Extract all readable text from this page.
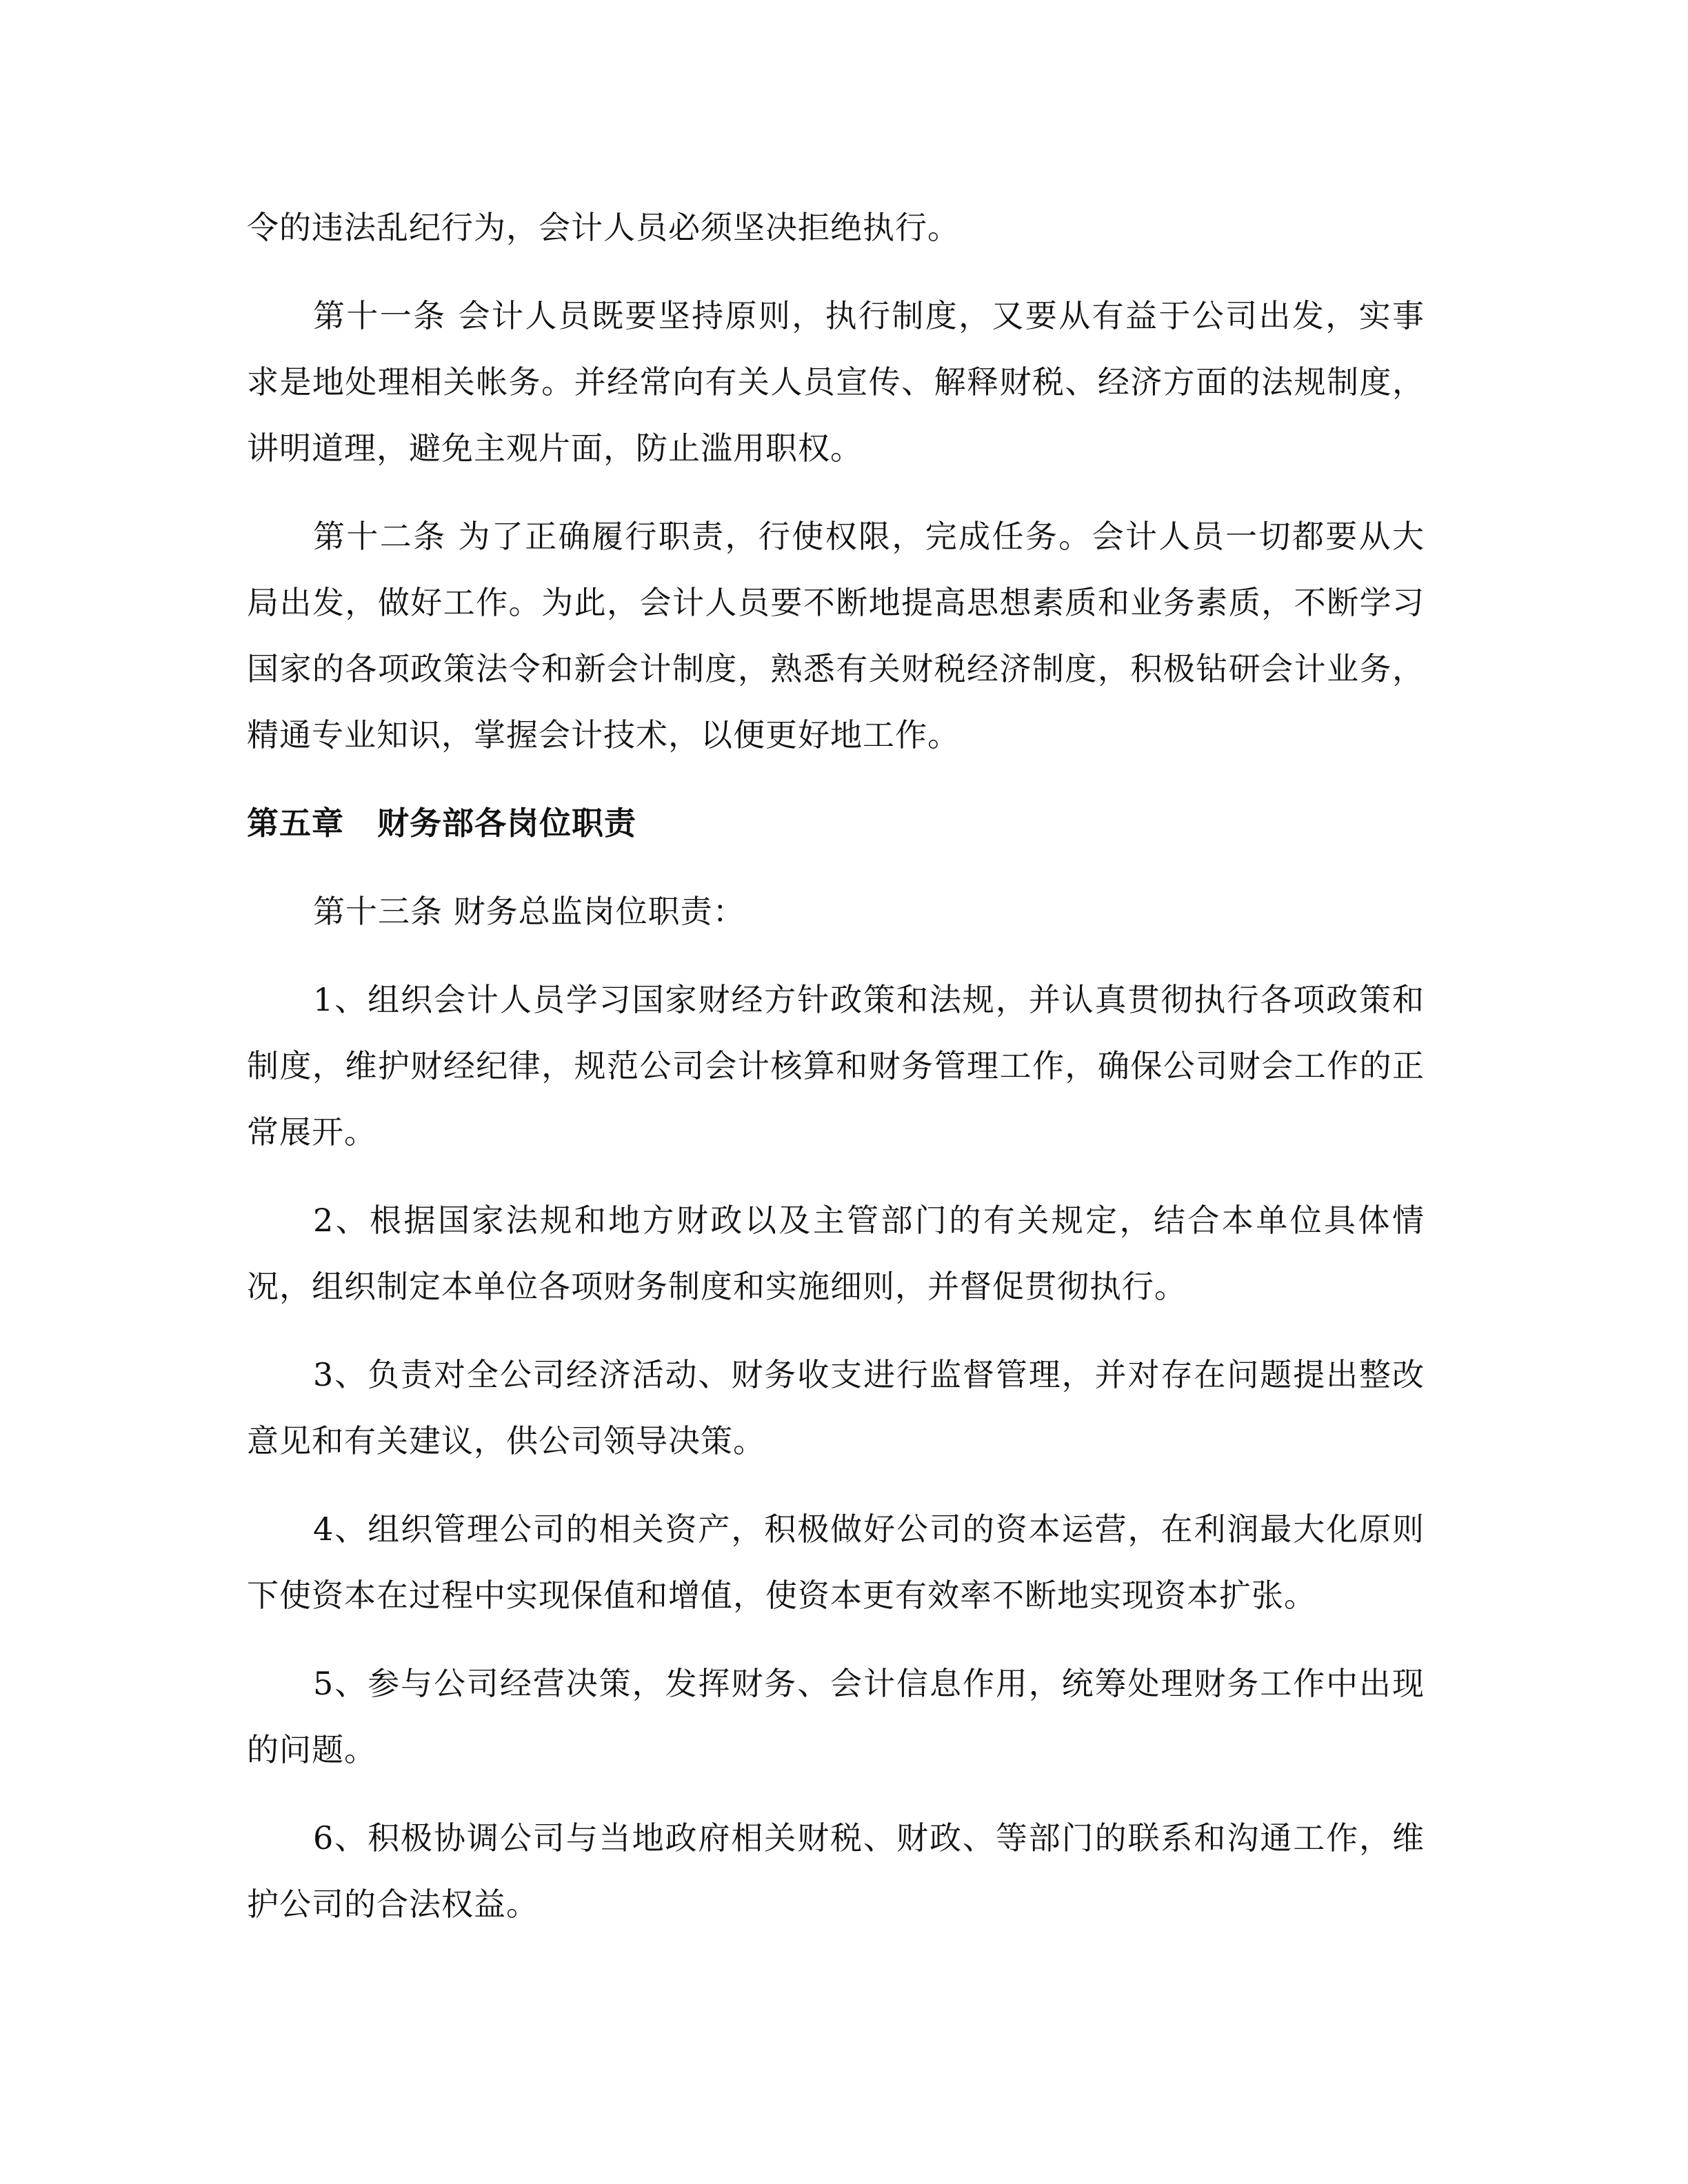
令的违法乱纪行为，会计人员必须坚决拒绝执行。

第十一条 会计人员既要坚持原则，执行制度，又要从有益于公司出发，实事求是地处理相关帐务。并经常向有关人员宣传、解释财税、经济方面的法规制度，讲明道理，避免主观片面，防止滥用职权。

第十二条 为了正确履行职责，行使权限，完成任务。会计人员一切都要从大局出发，做好工作。为此，会计人员要不断地提高思想素质和业务素质，不断学习国家的各项政策法令和新会计制度，熟悉有关财税经济制度，积极钻研会计业务，精通专业知识，掌握会计技术，以便更好地工作。

第五章 财务部各岗位职责

第十三条 财务总监岗位职责：

1、组织会计人员学习国家财经方针政策和法规，并认真贯彻执行各项政策和制度，维护财经纪律，规范公司会计核算和财务管理工作，确保公司财会工作的正常展开。

2、根据国家法规和地方财政以及主管部门的有关规定，结合本单位具体情况，组织制定本单位各项财务制度和实施细则，并督促贯彻执行。

3、负责对全公司经济活动、财务收支进行监督管理，并对存在问题提出整改意见和有关建议，供公司领导决策。

4、组织管理公司的相关资产，积极做好公司的资本运营，在利润最大化原则下使资本在过程中实现保值和增值，使资本更有效率不断地实现资本扩张。

5、参与公司经营决策，发挥财务、会计信息作用，统筹处理财务工作中出现的问题。

6、积极协调公司与当地政府相关财税、财政、等部门的联系和沟通工作，维护公司的合法权益。
